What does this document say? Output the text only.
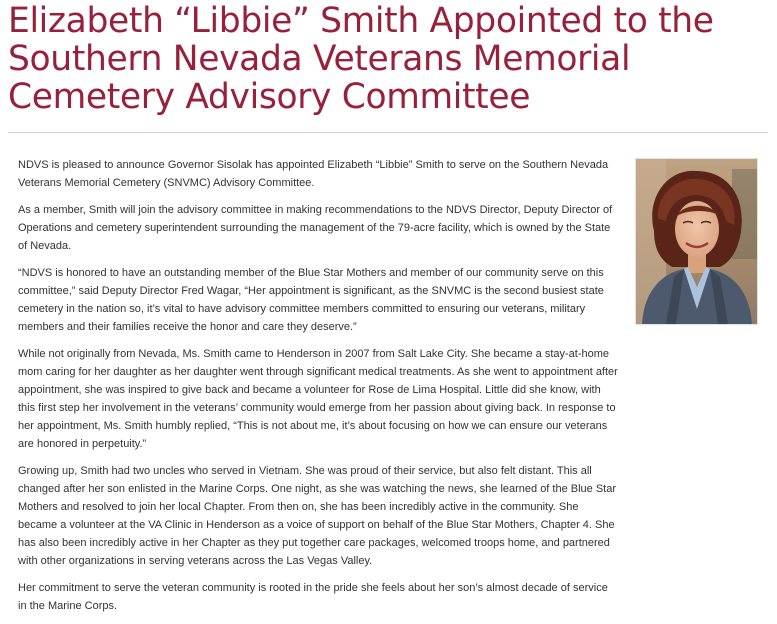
Elizabeth “Libbie” Smith Appointed to the Southern Nevada Veterans Memorial Cemetery Advisory Committee

NDVS is pleased to announce Governor Sisolak has appointed Elizabeth “Libbie” Smith to serve on the Southern Nevada Veterans Memorial Cemetery (SNVMC) Advisory Committee.

As a member, Smith will join the advisory committee in making recommendations to the NDVS Director, Deputy Director of Operations and cemetery superintendent surrounding the management of the 79-acre facility, which is owned by the State of Nevada.

“NDVS is honored to have an outstanding member of the Blue Star Mothers and member of our community serve on this committee,” said Deputy Director Fred Wagar, “Her appointment is significant, as the SNVMC is the second busiest state cemetery in the nation so, it’s vital to have advisory committee members committed to ensuring our veterans, military members and their families receive the honor and care they deserve.”

While not originally from Nevada, Ms. Smith came to Henderson in 2007 from Salt Lake City. She became a stay-at-home mom caring for her daughter as her daughter went through significant medical treatments. As she went to appointment after appointment, she was inspired to give back and became a volunteer for Rose de Lima Hospital. Little did she know, with this first step her involvement in the veterans’ community would emerge from her passion about giving back. In response to her appointment, Ms. Smith humbly replied, “This is not about me, it’s about focusing on how we can ensure our veterans are honored in perpetuity.”

Growing up, Smith had two uncles who served in Vietnam. She was proud of their service, but also felt distant. This all changed after her son enlisted in the Marine Corps. One night, as she was watching the news, she learned of the Blue Star Mothers and resolved to join her local Chapter. From then on, she has been incredibly active in the community. She became a volunteer at the VA Clinic in Henderson as a voice of support on behalf of the Blue Star Mothers, Chapter 4. She has also been incredibly active in her Chapter as they put together care packages, welcomed troops home, and partnered with other organizations in serving veterans across the Las Vegas Valley.

Her commitment to serve the veteran community is rooted in the pride she feels about her son’s almost decade of service in the Marine Corps.
